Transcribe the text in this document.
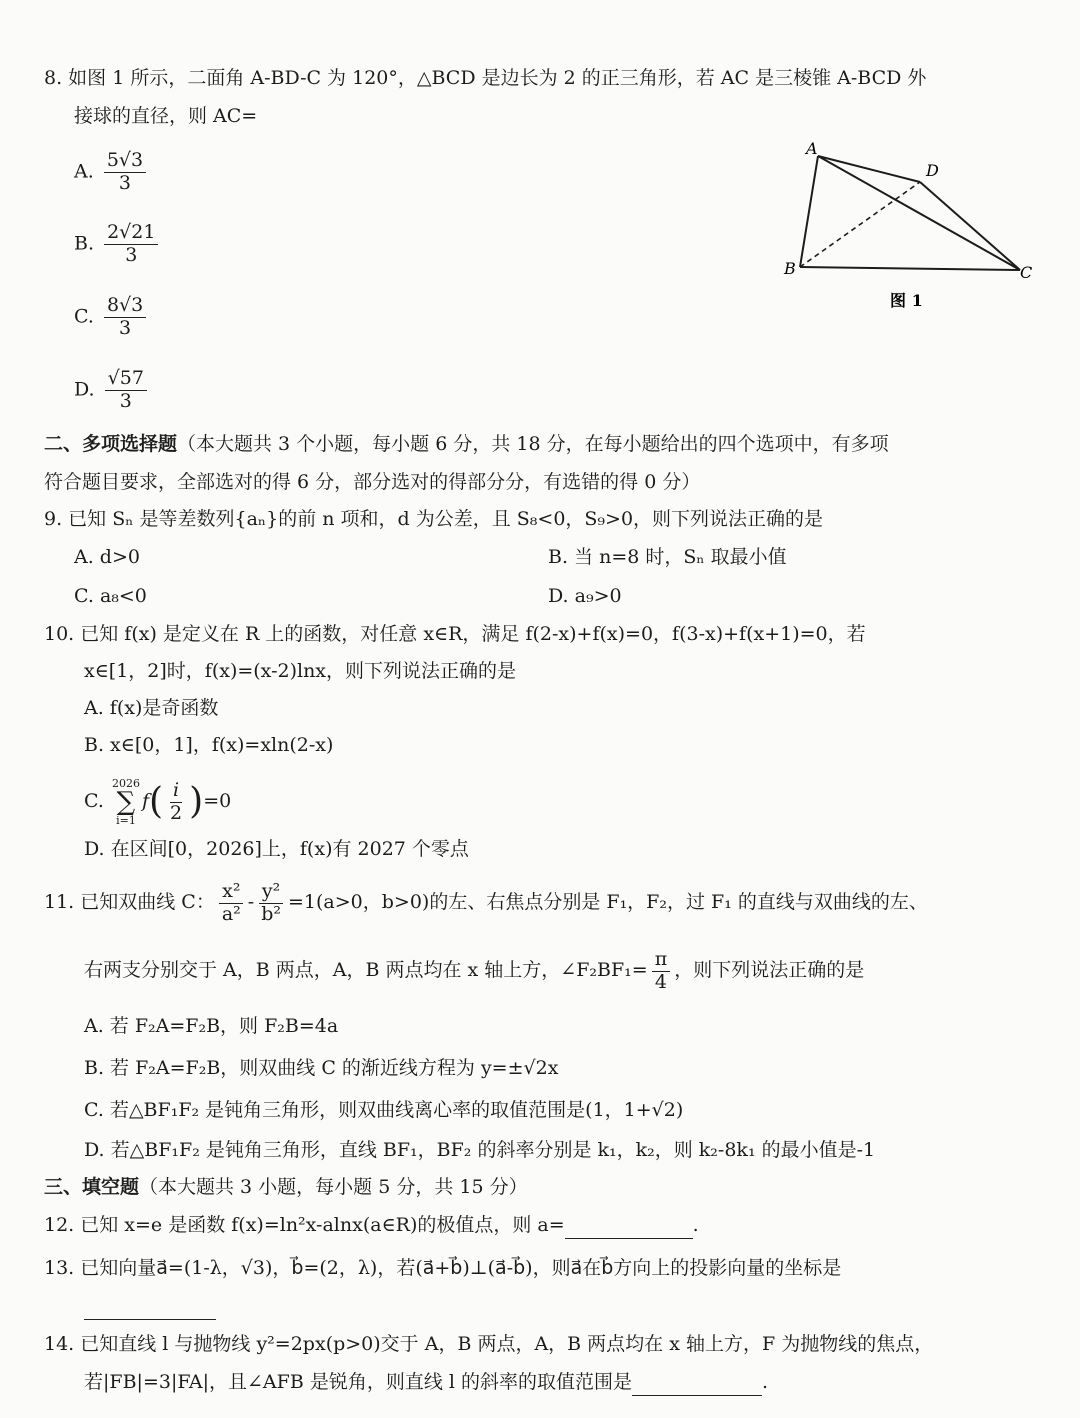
8. 如图 1 所示，二面角 A-BD-C 为 120°，△BCD 是边长为 2 的正三角形，若 AC 是三棱锥 A-BCD 外
接球的直径，则 AC=
A. $\frac{5√3}{3}$
B. $\frac{2√21}{3}$
C. $\frac{8√3}{3}$
D. $\frac{√57}{3}$
A
D
B	C
图 1
二、多项选择题（本大题共 3 个小题，每小题 6 分，共 18 分，在每小题给出的四个选项中，有多项
符合题目要求，全部选对的得 6 分，部分选对的得部分分，有选错的得 0 分）
9. 已知 Sₙ 是等差数列{aₙ}的前 n 项和，d 为公差，且 S₈<0，S₉>0，则下列说法正确的是
A. d>0	B. 当 n=8 时，Sₙ 取最小值
C. a₈<0	D. a₉>0
10. 已知 f(x) 是定义在 R 上的函数，对任意 x∈R，满足 f(2-x)+f(x)=0，f(3-x)+f(x+1)=0，若
x∈[1，2]时，f(x)=(x-2)lnx，则下列说法正确的是
A. f(x)是奇函数
B. x∈[0，1]，f(x)=xln(2-x)
C.
2026
∑
i=1
$f( \frac{i}{2} )=0$
D. 在区间[0，2026]上，f(x)有 2027 个零点
11. 已知双曲线 C： $\frac{\text{x²}}{\text{a²}} - \frac{\text{y²}}{\text{b²}} =1(a>0$，b>0)的左、右焦点分别是 F₁，F₂，过 F₁ 的直线与双曲线的左、
右两支分别交于 A，B 两点，A，B 两点均在 x 轴上方，∠F₂BF₁= $\frac{\pi}{4}$ ，则下列说法正确的是
A. 若 F₂A=F₂B，则 F₂B=4a
B. 若 F₂A=F₂B，则双曲线 C 的渐近线方程为 y=±√2x
C. 若△BF₁F₂ 是钝角三角形，则双曲线离心率的取值范围是(1，1+√2)
D. 若△BF₁F₂ 是钝角三角形，直线 BF₁，BF₂ 的斜率分别是 k₁，k₂，则 k₂-8k₁ 的最小值是-1
三、填空题（本大题共 3 小题，每小题 5 分，共 15 分）
12. 已知 x=e 是函数 f(x)=ln²x-alnx(a∈R)的极值点，则 a=	.
13. 已知向量a⃗=(1-λ，√3)，b⃗=(2，λ)，若(a⃗+b⃗)⊥(a⃗-b⃗)，则a⃗在b⃗方向上的投影向量的坐标是
14. 已知直线 l 与抛物线 y²=2px(p>0)交于 A，B 两点，A，B 两点均在 x 轴上方，F 为抛物线的焦点，
若|FB|=3|FA|，且∠AFB 是锐角，则直线 l 的斜率的取值范围是	.
